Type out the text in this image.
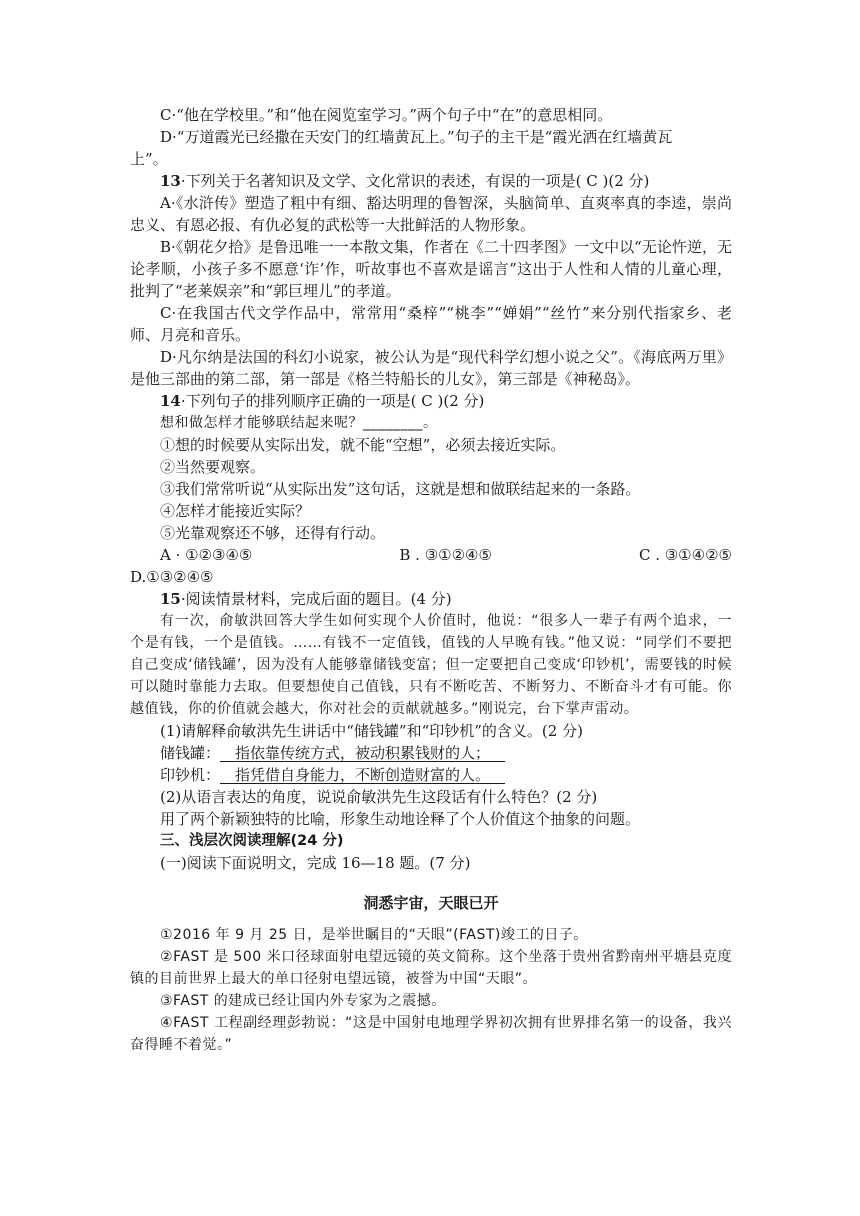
C·“他在学校里。”和“他在阅览室学习。”两个句子中“在”的意思相同。

D·“万道霞光已经撒在天安门的红墙黄瓦上。”句子的主干是“霞光洒在红墙黄瓦

上”。

13·下列关于名著知识及文学、文化常识的表述，有误的一项是( C )(2 分)

A·《水浒传》塑造了粗中有细、豁达明理的鲁智深，头脑简单、直爽率真的李逵，崇尚忠义、有恩必报、有仇必复的武松等一大批鲜活的人物形象。

B·《朝花夕拾》是鲁迅唯一一本散文集，作者在《二十四孝图》一文中以“无论忤逆，无论孝顺，小孩子多不愿意‘诈’作，听故事也不喜欢是谣言”这出于人性和人情的儿童心理，批判了“老莱娱亲”和“郭巨埋儿”的孝道。

C·在我国古代文学作品中，常常用“桑梓”“桃李”“婵娟”“丝竹”来分别代指家乡、老师、月亮和音乐。

D·凡尔纳是法国的科幻小说家，被公认为是“现代科学幻想小说之父”。《海底两万里》是他三部曲的第二部，第一部是《格兰特船长的儿女》，第三部是《神秘岛》。

14·下列句子的排列顺序正确的一项是( C )(2 分)

想和做怎样才能够联结起来呢？________。

①想的时候要从实际出发，就不能“空想”，必须去接近实际。

②当然要观察。

③我们常常听说“从实际出发”这句话，这就是想和做联结起来的一条路。

④怎样才能接近实际？

⑤光靠观察还不够，还得有行动。

A · ①②③④⑤	B . ③①②④⑤	C . ③①④②⑤

D.①③②④⑤

15·阅读情景材料，完成后面的题目。(4 分)

有一次，俞敏洪回答大学生如何实现个人价值时，他说：“很多人一辈子有两个追求，一个是有钱，一个是值钱。……有钱不一定值钱，值钱的人早晚有钱。”他又说：“同学们不要把自己变成‘储钱罐’，因为没有人能够靠储钱变富；但一定要把自己变成‘印钞机’，需要钱的时候可以随时靠能力去取。但要想使自己值钱，只有不断吃苦、不断努力、不断奋斗才有可能。你越值钱，你的价值就会越大，你对社会的贡献就越多。”刚说完，台下掌声雷动。

(1)请解释俞敏洪先生讲话中“储钱罐”和“印钞机”的含义。(2 分)

储钱罐：__指依靠传统方式，被动积累钱财的人；__

印钞机：__指凭借自身能力，不断创造财富的人。__

(2)从语言表达的角度，说说俞敏洪先生这段话有什么特色？(2 分)

用了两个新颖独特的比喻，形象生动地诠释了个人价值这个抽象的问题。

三、浅层次阅读理解(24 分)

(一)阅读下面说明文，完成 16—18 题。(7 分)

洞悉宇宙，天眼已开

①2016 年 9 月 25 日，是举世瞩目的“天眼”(FAST)竣工的日子。

②FAST 是 500 米口径球面射电望远镜的英文简称。这个坐落于贵州省黔南州平塘县克度镇的目前世界上最大的单口径射电望远镜，被誉为中国“天眼”。

③FAST 的建成已经让国内外专家为之震撼。

④FAST 工程副经理彭勃说：“这是中国射电地理学界初次拥有世界排名第一的设备，我兴奋得睡不着觉。”
